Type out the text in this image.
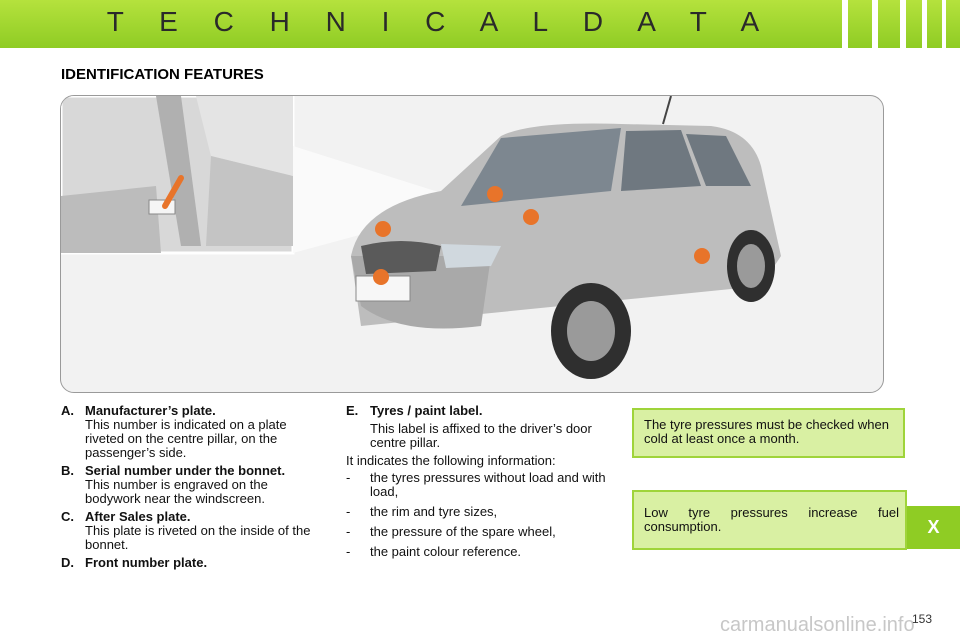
T E C H N I C A L D A T A
IDENTIFICATION FEATURES
A. Manufacturer’s plate.
This number is indicated on a plate riveted on the centre pillar, on the passenger’s side.
B. Serial number under the bonnet.
This number is engraved on the bodywork near the windscreen.
C. After Sales plate.
This plate is riveted on the inside of the bonnet.
D. Front number plate.
E. Tyres / paint label.
This label is affixed to the driver’s door centre pillar.
It indicates the following information:
-	the tyres pressures without load and with load,
-	the rim and tyre sizes,
-	the pressure of the spare wheel,
-	the paint colour reference.
The tyre pressures must be checked when cold at least once a month.
Low tyre pressures increase fuel consumption.	X
carmanualsonline.info
153
